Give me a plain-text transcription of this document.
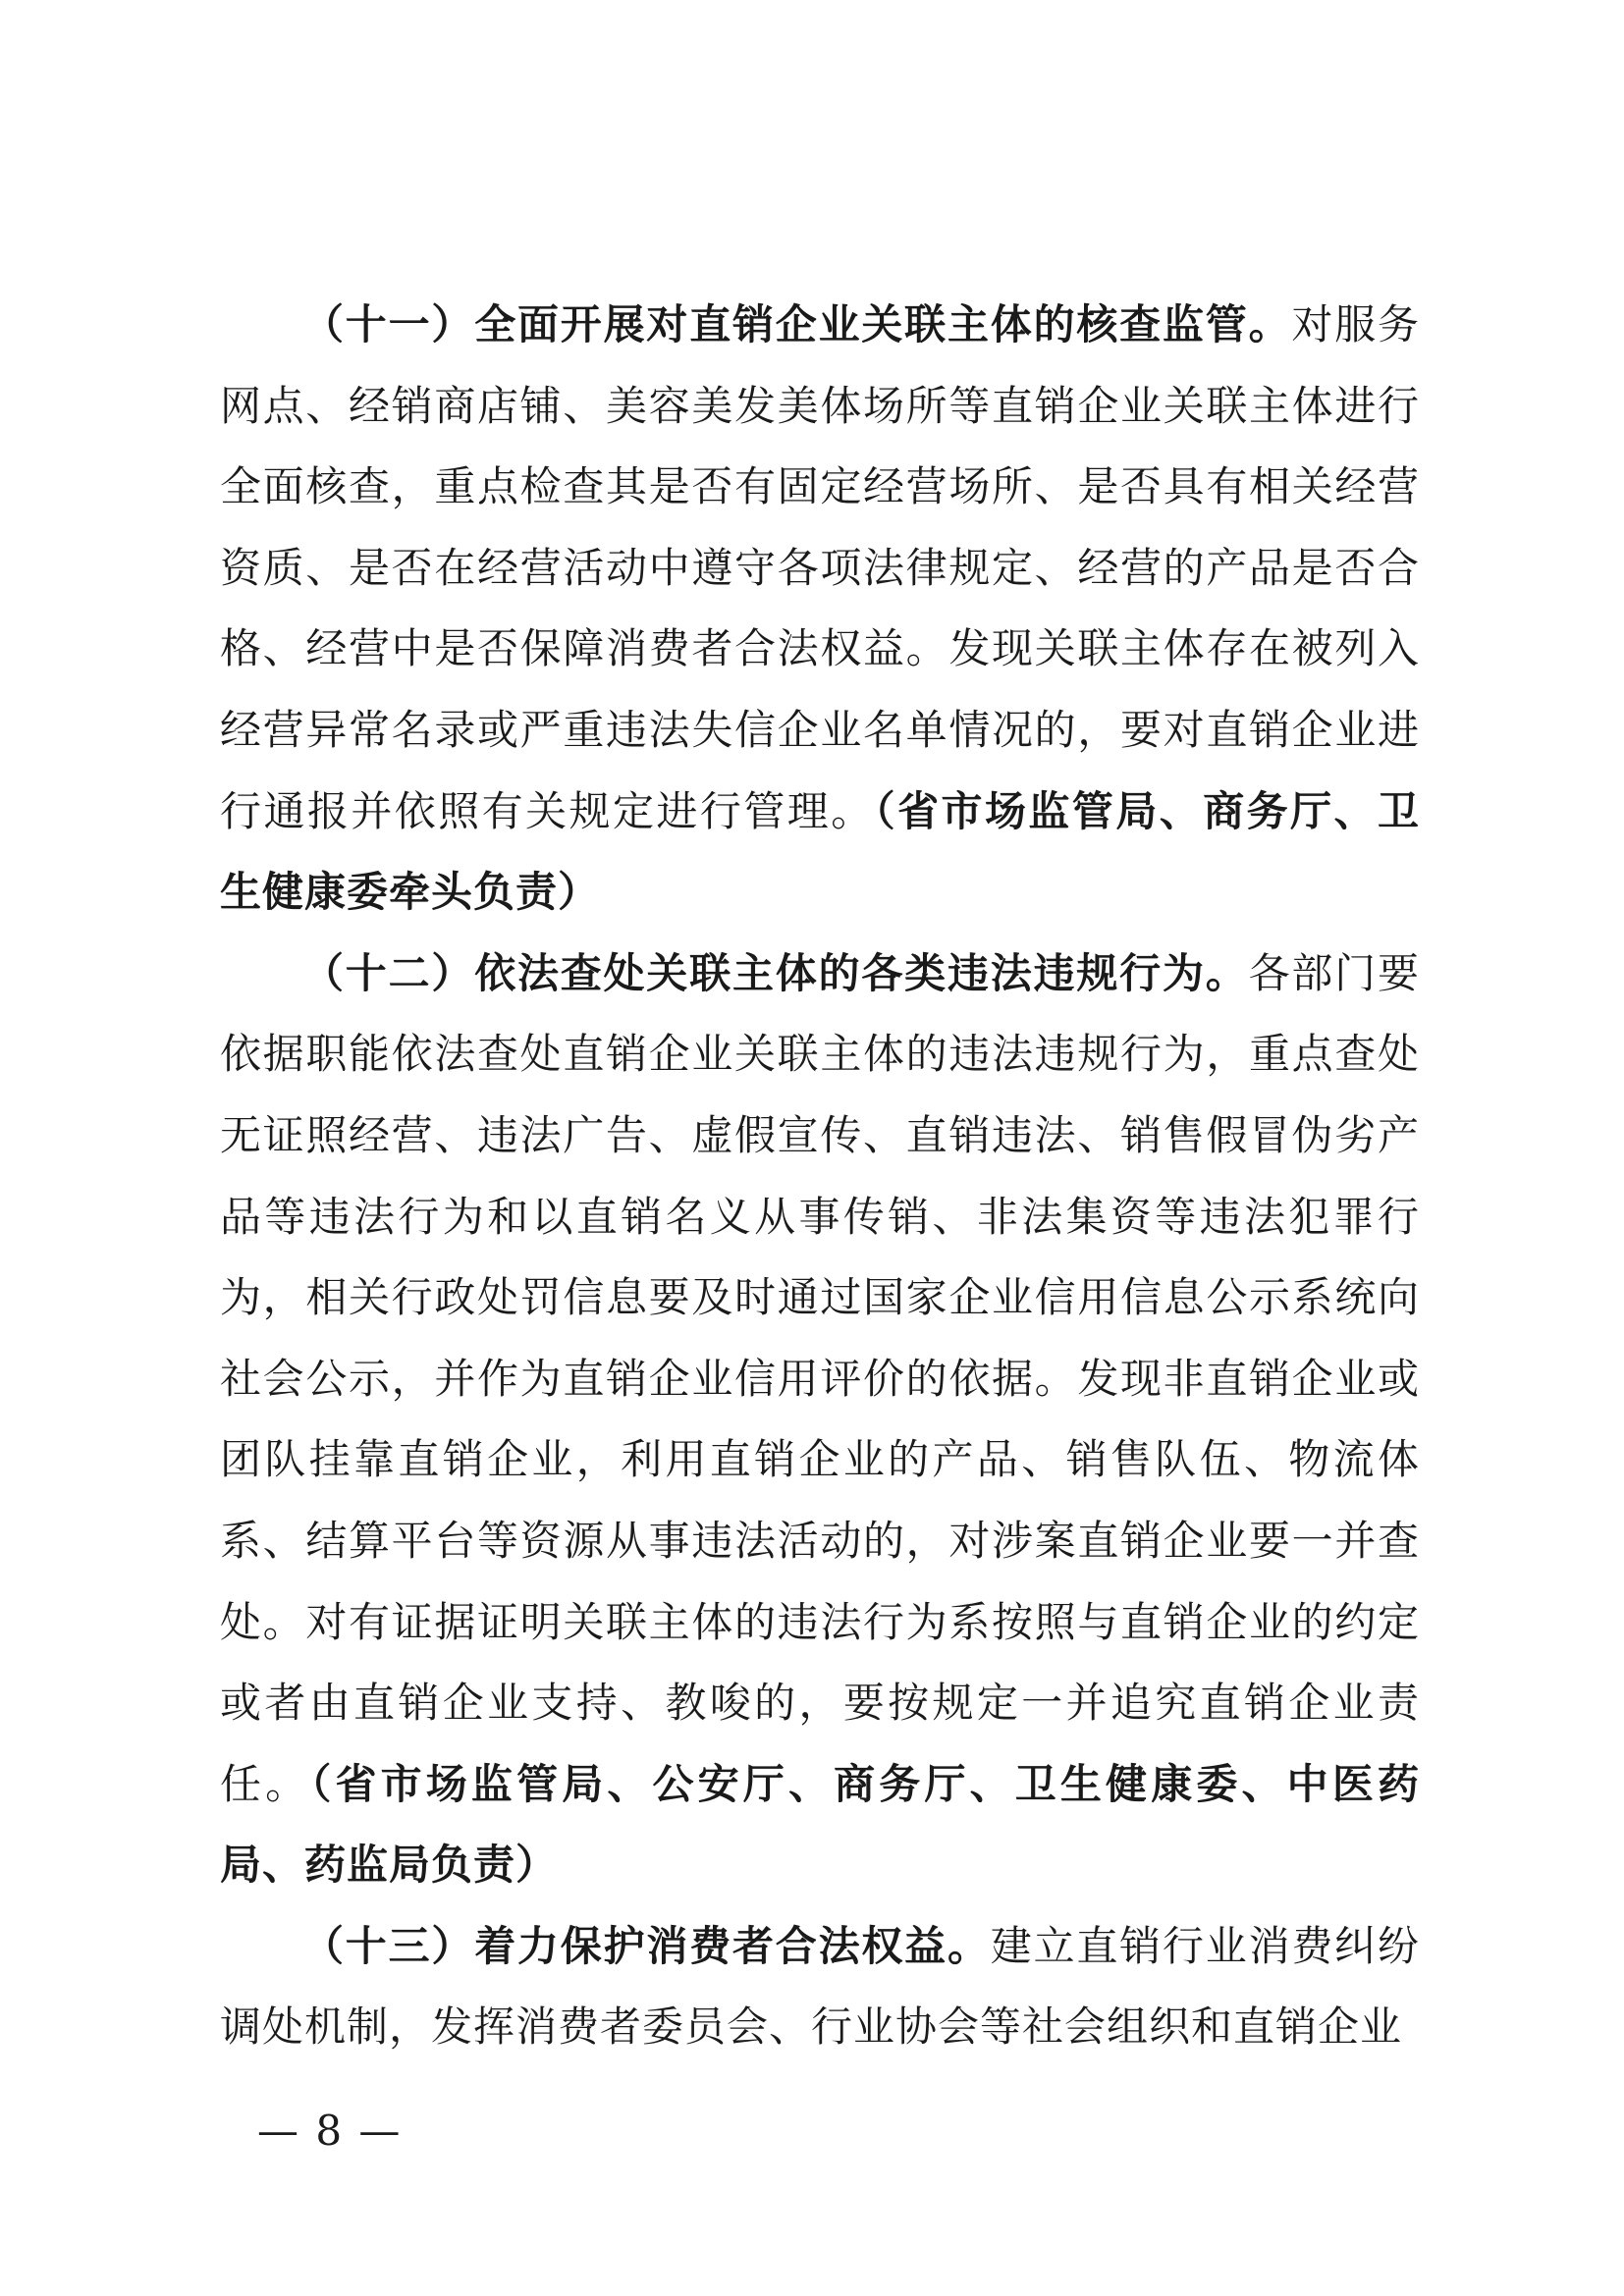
（十一）全面开展对直销企业关联主体的核查监管。对服务网点、经销商店铺、美容美发美体场所等直销企业关联主体进行全面核查，重点检查其是否有固定经营场所、是否具有相关经营资质、是否在经营活动中遵守各项法律规定、经营的产品是否合格、经营中是否保障消费者合法权益。发现关联主体存在被列入经营异常名录或严重违法失信企业名单情况的，要对直销企业进行通报并依照有关规定进行管理。（省市场监管局、商务厅、卫生健康委牵头负责）

（十二）依法查处关联主体的各类违法违规行为。各部门要依据职能依法查处直销企业关联主体的违法违规行为，重点查处无证照经营、违法广告、虚假宣传、直销违法、销售假冒伪劣产品等违法行为和以直销名义从事传销、非法集资等违法犯罪行为，相关行政处罚信息要及时通过国家企业信用信息公示系统向社会公示，并作为直销企业信用评价的依据。发现非直销企业或团队挂靠直销企业，利用直销企业的产品、销售队伍、物流体系、结算平台等资源从事违法活动的，对涉案直销企业要一并查处。对有证据证明关联主体的违法行为系按照与直销企业的约定或者由直销企业支持、教唆的，要按规定一并追究直销企业责任。（省市场监管局、公安厅、商务厅、卫生健康委、中医药局、药监局负责）

（十三）着力保护消费者合法权益。建立直销行业消费纠纷调处机制，发挥消费者委员会、行业协会等社会组织和直销企业

— 8 —
